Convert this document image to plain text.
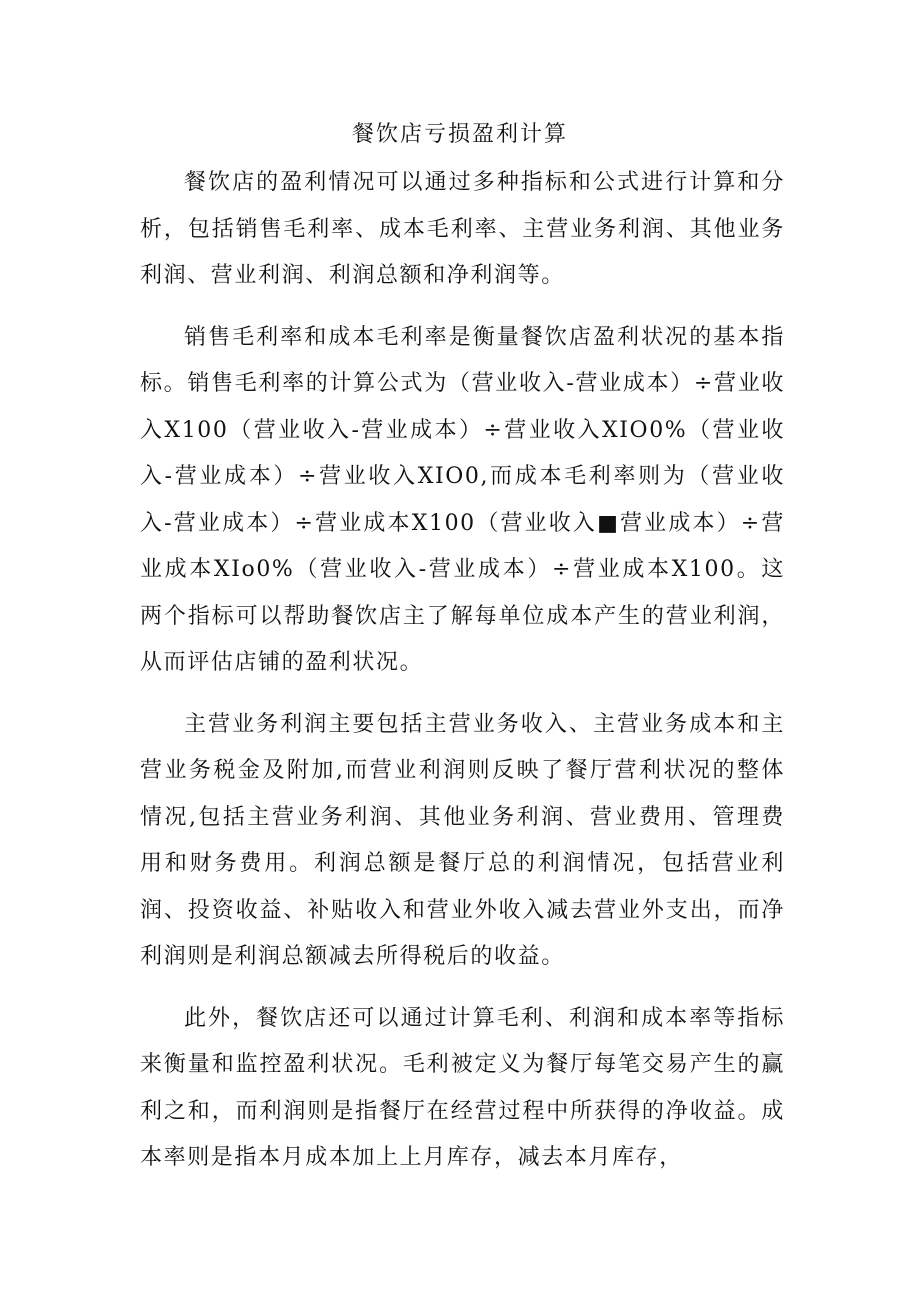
餐饮店亏损盈利计算

餐饮店的盈利情况可以通过多种指标和公式进行计算和分析，包括销售毛利率、成本毛利率、主营业务利润、其他业务利润、营业利润、利润总额和净利润等。

销售毛利率和成本毛利率是衡量餐饮店盈利状况的基本指标。销售毛利率的计算公式为（营业收入-营业成本）÷营业收入X100（营业收入-营业成本）÷营业收入XIO0%（营业收入-营业成本）÷营业收入XIO0,而成本毛利率则为（营业收入-营业成本）÷营业成本X100（营业收入■营业成本）÷营业成本XIo0%（营业收入-营业成本）÷营业成本X100。这两个指标可以帮助餐饮店主了解每单位成本产生的营业利润，从而评估店铺的盈利状况。

主营业务利润主要包括主营业务收入、主营业务成本和主营业务税金及附加,而营业利润则反映了餐厅营利状况的整体情况,包括主营业务利润、其他业务利润、营业费用、管理费用和财务费用。利润总额是餐厅总的利润情况，包括营业利润、投资收益、补贴收入和营业外收入减去营业外支出，而净利润则是利润总额减去所得税后的收益。

此外，餐饮店还可以通过计算毛利、利润和成本率等指标来衡量和监控盈利状况。毛利被定义为餐厅每笔交易产生的赢利之和，而利润则是指餐厅在经营过程中所获得的净收益。成本率则是指本月成本加上上月库存，减去本月库存，
